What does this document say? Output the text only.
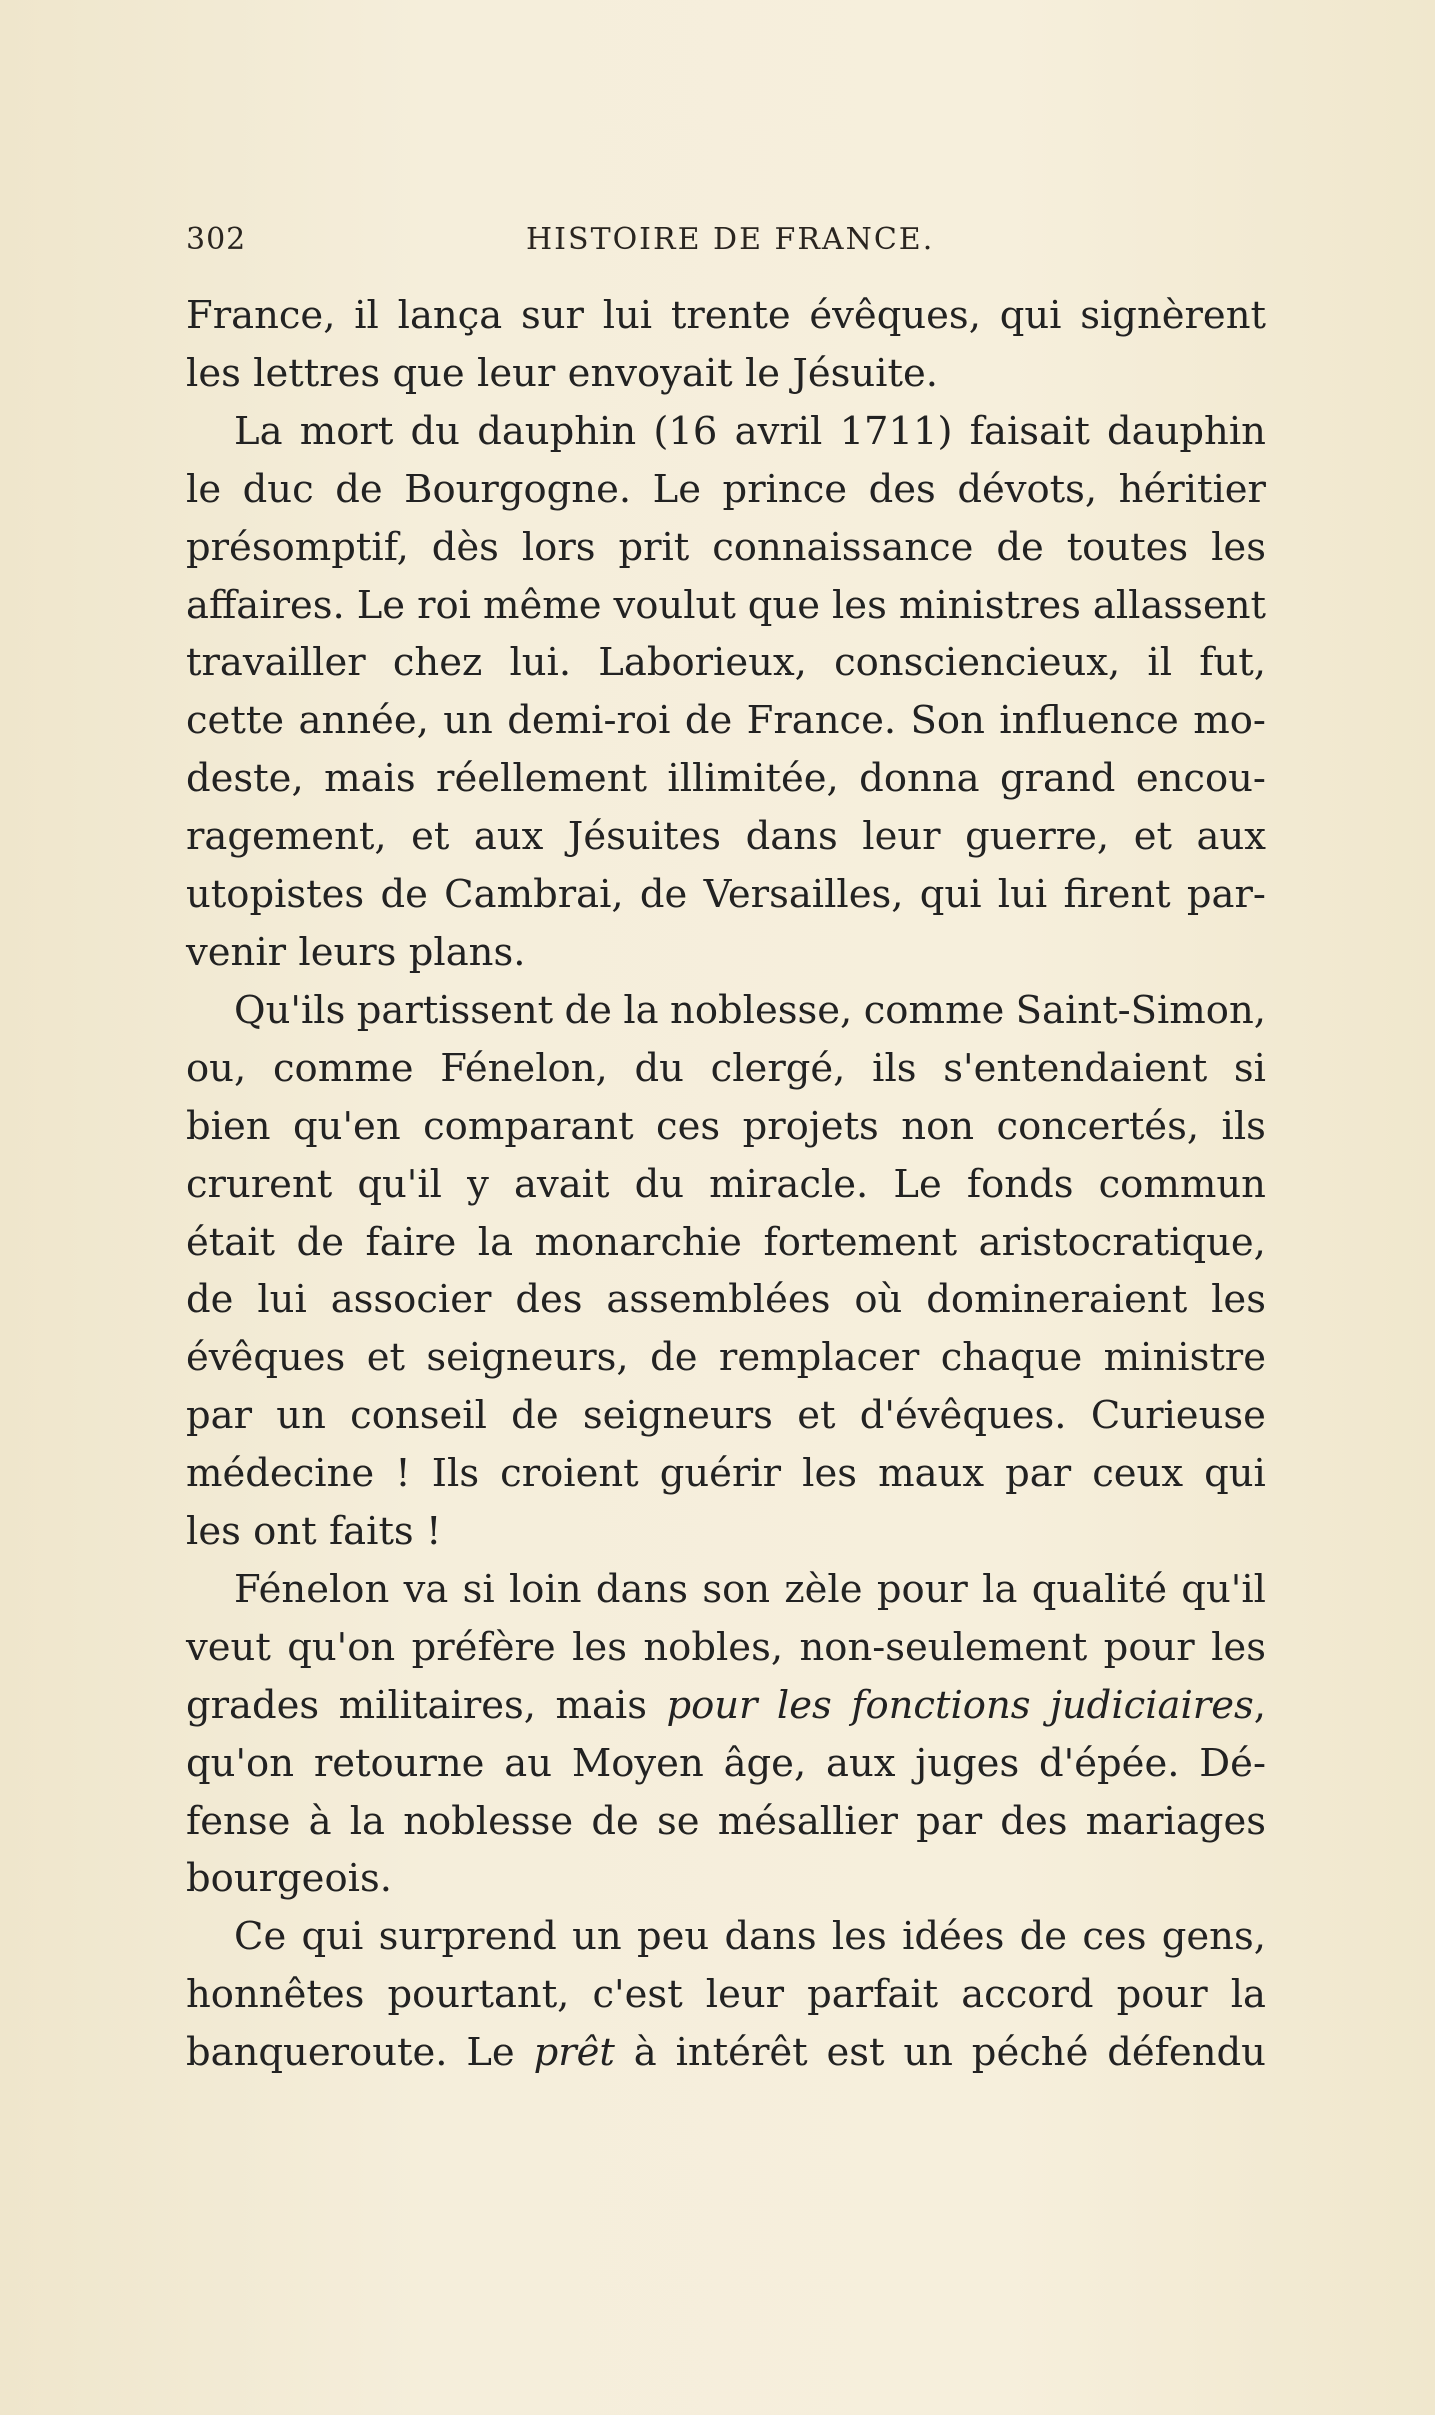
302	HISTOIRE DE FRANCE.
France, il lança sur lui trente évêques, qui signèrent
les lettres que leur envoyait le Jésuite.
La mort du dauphin (16 avril 1711) faisait dauphin
le duc de Bourgogne. Le prince des dévots, héritier
présomptif, dès lors prit connaissance de toutes les
affaires. Le roi même voulut que les ministres allassent
travailler chez lui. Laborieux, consciencieux, il fut,
cette année, un demi-roi de France. Son influence mo-
deste, mais réellement illimitée, donna grand encou-
ragement, et aux Jésuites dans leur guerre, et aux
utopistes de Cambrai, de Versailles, qui lui firent par-
venir leurs plans.
Qu'ils partissent de la noblesse, comme Saint-Simon,
ou, comme Fénelon, du clergé, ils s'entendaient si
bien qu'en comparant ces projets non concertés, ils
crurent qu'il y avait du miracle. Le fonds commun
était de faire la monarchie fortement aristocratique,
de lui associer des assemblées où domineraient les
évêques et seigneurs, de remplacer chaque ministre
par un conseil de seigneurs et d'évêques. Curieuse
médecine ! Ils croient guérir les maux par ceux qui
les ont faits !
Fénelon va si loin dans son zèle pour la qualité qu'il
veut qu'on préfère les nobles, non-seulement pour les
grades militaires, mais pour les fonctions judiciaires,
qu'on retourne au Moyen âge, aux juges d'épée. Dé-
fense à la noblesse de se mésallier par des mariages
bourgeois.
Ce qui surprend un peu dans les idées de ces gens,
honnêtes pourtant, c'est leur parfait accord pour la
banqueroute. Le prêt à intérêt est un péché défendu
